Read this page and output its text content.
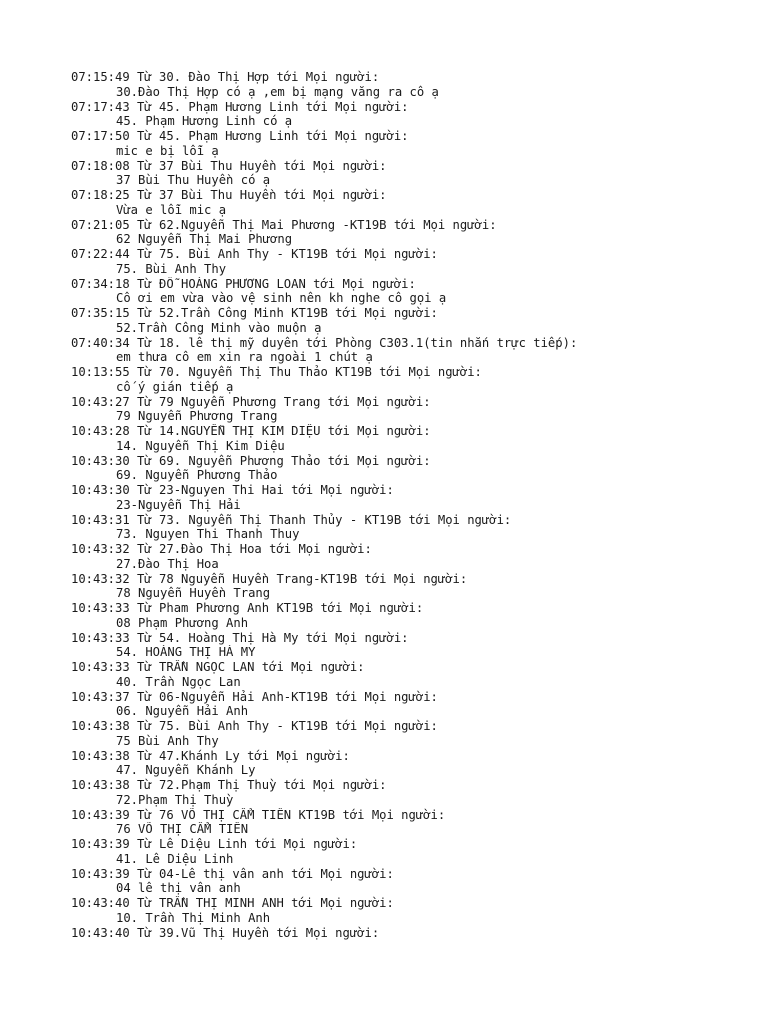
07:15:49 Từ 30. Đào Thị Hợp tới Mọi người:
30.Đào Thị Hợp có ạ ,em bị mạng văng ra cô ạ
07:17:43 Từ 45. Phạm Hương Linh tới Mọi người:
45. Phạm Hương Linh có ạ
07:17:50 Từ 45. Phạm Hương Linh tới Mọi người:
mic e bị lỗi ạ
07:18:08 Từ 37 Bùi Thu Huyền tới Mọi người:
37 Bùi Thu Huyền có ạ
07:18:25 Từ 37 Bùi Thu Huyền tới Mọi người:
Vừa e lỗi mic ạ
07:21:05 Từ 62.Nguyễn Thị Mai Phương -KT19B tới Mọi người:
62 Nguyễn Thị Mai Phương
07:22:44 Từ 75. Bùi Anh Thy - KT19B tới Mọi người:
75. Bùi Anh Thy
07:34:18 Từ ĐỖ HOÀNG PHƯƠNG LOAN tới Mọi người:
Cô ơi em vừa vào vệ sinh nên kh nghe cô gọi ạ
07:35:15 Từ 52.Trần Công Minh KT19B tới Mọi người:
52.Trần Công Minh vào muộn ạ
07:40:34 Từ 18. lê thị mỹ duyên tới Phòng C303.1(tin nhắn trực tiếp):
em thưa cô em xin ra ngoài 1 chút ạ
10:13:55 Từ 70. Nguyễn Thị Thu Thảo KT19B tới Mọi người:
cố ý gián tiếp ạ
10:43:27 Từ 79 Nguyễn Phương Trang tới Mọi người:
79 Nguyễn Phương Trang
10:43:28 Từ 14.NGUYỄN THỊ KIM DIỆU tới Mọi người:
14. Nguyễn Thị Kim Diệu
10:43:30 Từ 69. Nguyễn Phương Thảo tới Mọi người:
69. Nguyễn Phương Thảo
10:43:30 Từ 23-Nguyen Thi Hai tới Mọi người:
23-Nguyễn Thị Hải
10:43:31 Từ 73. Nguyễn Thị Thanh Thủy - KT19B tới Mọi người:
73. Nguyen Thi Thanh Thuy
10:43:32 Từ 27.Đào Thị Hoa tới Mọi người:
27.Đào Thị Hoa
10:43:32 Từ 78 Nguyễn Huyền Trang-KT19B tới Mọi người:
78 Nguyễn Huyền Trang
10:43:33 Từ Pham Phương Anh KT19B tới Mọi người:
08 Phạm Phương Anh
10:43:33 Từ 54. Hoàng Thị Hà My tới Mọi người:
54. HOÀNG THỊ HÀ MY
10:43:33 Từ TRẦN NGỌC LAN tới Mọi người:
40. Trần Ngọc Lan
10:43:37 Từ 06-Nguyễn Hải Anh-KT19B tới Mọi người:
06. Nguyễn Hải Anh
10:43:38 Từ 75. Bùi Anh Thy - KT19B tới Mọi người:
75 Bùi Anh Thy
10:43:38 Từ 47.Khánh Ly tới Mọi người:
47. Nguyễn Khánh Ly
10:43:38 Từ 72.Phạm Thị Thuỳ tới Mọi người:
72.Phạm Thị Thuỳ
10:43:39 Từ 76 VÕ THỊ CẨM TIÊN KT19B tới Mọi người:
76 VÕ THỊ CẨM TIÊN
10:43:39 Từ Lê Diệu Linh tới Mọi người:
41. Lê Diệu Linh
10:43:39 Từ 04-Lê thị vân anh tới Mọi người:
04 lê thị vân anh
10:43:40 Từ TRẦN THỊ MINH ANH tới Mọi người:
10. Trần Thị Minh Anh
10:43:40 Từ 39.Vũ Thị Huyền tới Mọi người:
